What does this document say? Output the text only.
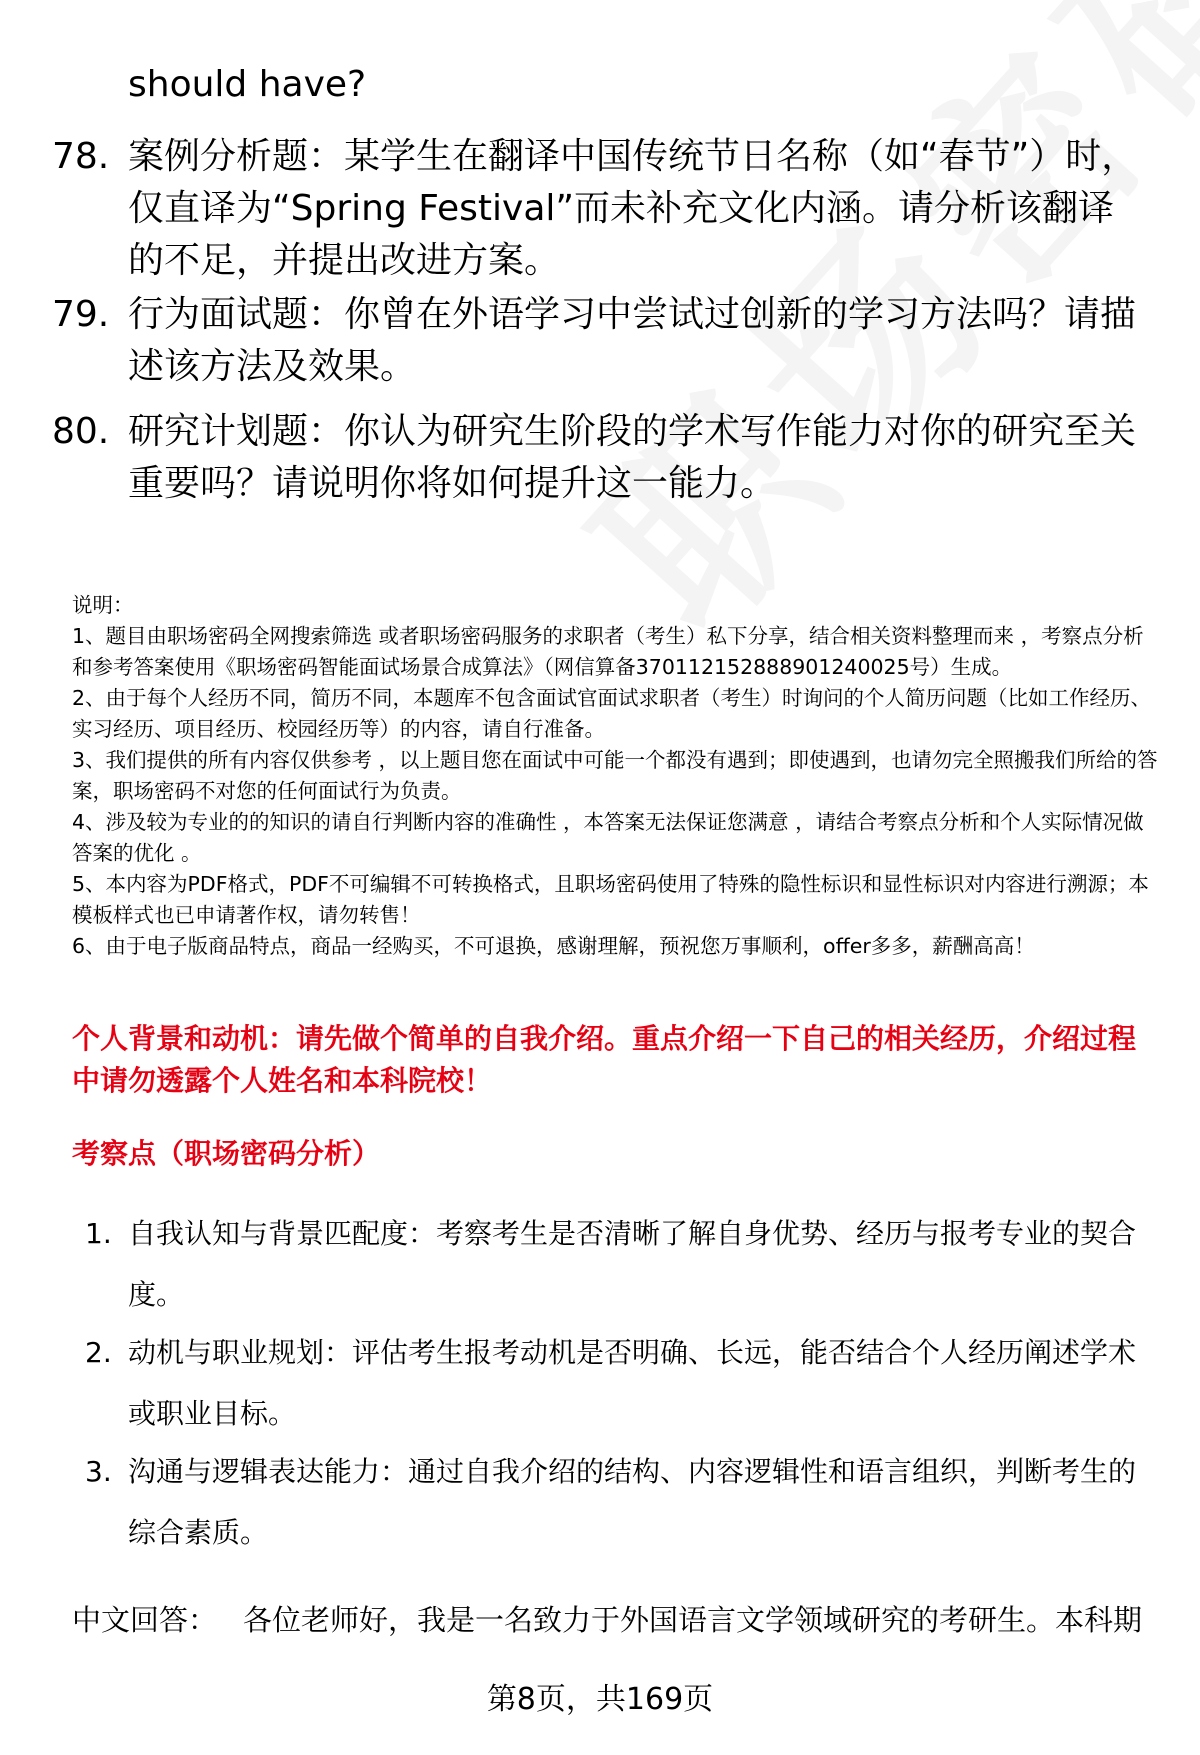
should have?
78. 案例分析题：某学生在翻译中国传统节日名称（如“春节”）时，仅直译为“Spring Festival”而未补充文化内涵。请分析该翻译的不足，并提出改进方案。
79. 行为面试题：你曾在外语学习中尝试过创新的学习方法吗？请描述该方法及效果。
80. 研究计划题：你认为研究生阶段的学术写作能力对你的研究至关重要吗？请说明你将如何提升这一能力。

说明：

1、题目由职场密码全网搜索筛选 或者职场密码服务的求职者（考生）私下分享，结合相关资料整理而来 ，考察点分析和参考答案使用《职场密码智能面试场景合成算法》（网信算备370112152888901240025号）生成。

2、由于每个人经历不同，简历不同，本题库不包含面试官面试求职者（考生）时询问的个人简历问题（比如工作经历、实习经历、项目经历、校园经历等）的内容，请自行准备。

3、我们提供的所有内容仅供参考 ，以上题目您在面试中可能一个都没有遇到；即使遇到，也请勿完全照搬我们所给的答案，职场密码不对您的任何面试行为负责。

4、涉及较为专业的的知识的请自行判断内容的准确性 ，本答案无法保证您满意 ，请结合考察点分析和个人实际情况做答案的优化 。

5、本内容为PDF格式，PDF不可编辑不可转换格式，且职场密码使用了特殊的隐性标识和显性标识对内容进行溯源；本模板样式也已申请著作权，请勿转售！

6、由于电子版商品特点，商品一经购买，不可退换，感谢理解，预祝您万事顺利，offer多多，薪酬高高！

个人背景和动机：请先做个简单的自我介绍。重点介绍一下自己的相关经历，介绍过程中请勿透露个人姓名和本科院校！
考察点（职场密码分析）
1. 自我认知与背景匹配度：考察考生是否清晰了解自身优势、经历与报考专业的契合度。
2. 动机与职业规划：评估考生报考动机是否明确、长远，能否结合个人经历阐述学术或职业目标。
3. 沟通与逻辑表达能力：通过自我介绍的结构、内容逻辑性和语言组织，判断考生的综合素质。
中文回答： 各位老师好，我是一名致力于外国语言文学领域研究的考研生。本科期
第8页，共169页
